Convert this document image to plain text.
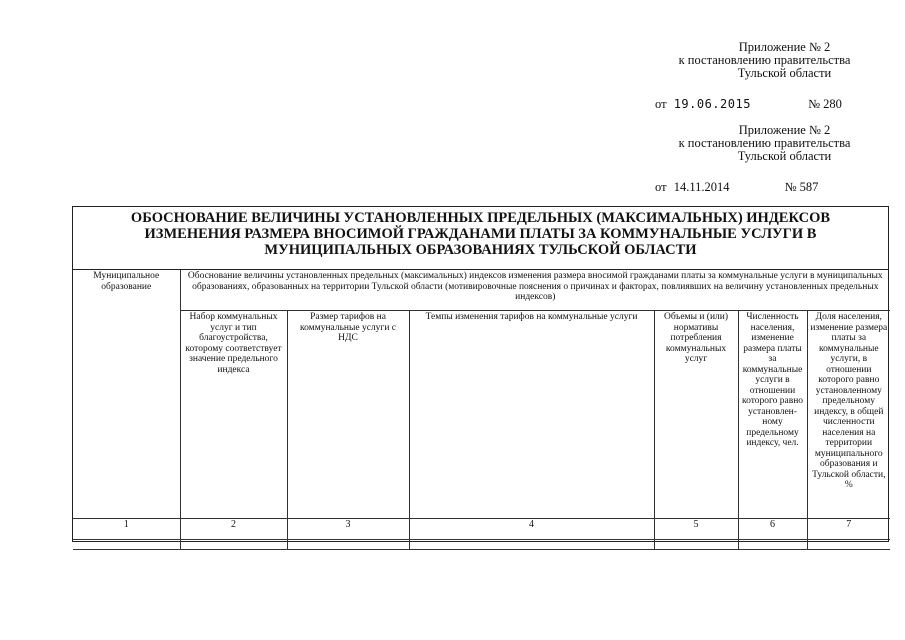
Приложение № 2
к постановлению правительства
Тульской области
от 19.06.2015	№ 280
Приложение № 2
к постановлению правительства
Тульской области
от 14.11.2014	№ 587
ОБОСНОВАНИЕ ВЕЛИЧИНЫ УСТАНОВЛЕННЫХ ПРЕДЕЛЬНЫХ (МАКСИМАЛЬНЫХ) ИНДЕКСОВ
ИЗМЕНЕНИЯ РАЗМЕРА ВНОСИМОЙ ГРАЖДАНАМИ ПЛАТЫ ЗА КОММУНАЛЬНЫЕ УСЛУГИ В
МУНИЦИПАЛЬНЫХ ОБРАЗОВАНИЯХ ТУЛЬСКОЙ ОБЛАСТИ
Муниципальное образование	Обоснование величины установленных предельных (максимальных) индексов изменения размера вносимой гражданами платы за коммунальные услуги в муниципальных образованиях, образованных на территории Тульской области (мотивировочные пояснения о причинах и факторах, повлиявших на величину установленных предельных индексов)					
	Набор коммунальных услуг и тип благоустройства, которому соответствует значение предельного индекса	Размер тарифов на коммунальные услуги с НДС	Темпы изменения тарифов на коммунальные услуги	Объемы и (или) нормативы потребления коммунальных услуг	Численность населения, изменение размера платы за коммунальные услуги в отношении которого равно установлен-ному предельному индексу, чел.	Доля населения, изменение размера платы за коммунальные услуги, в отношении которого равно установленному предельному индексу, в общей численности населения на территории муниципального образования и Тульской области, %
1	2	3	4	5	6	7
